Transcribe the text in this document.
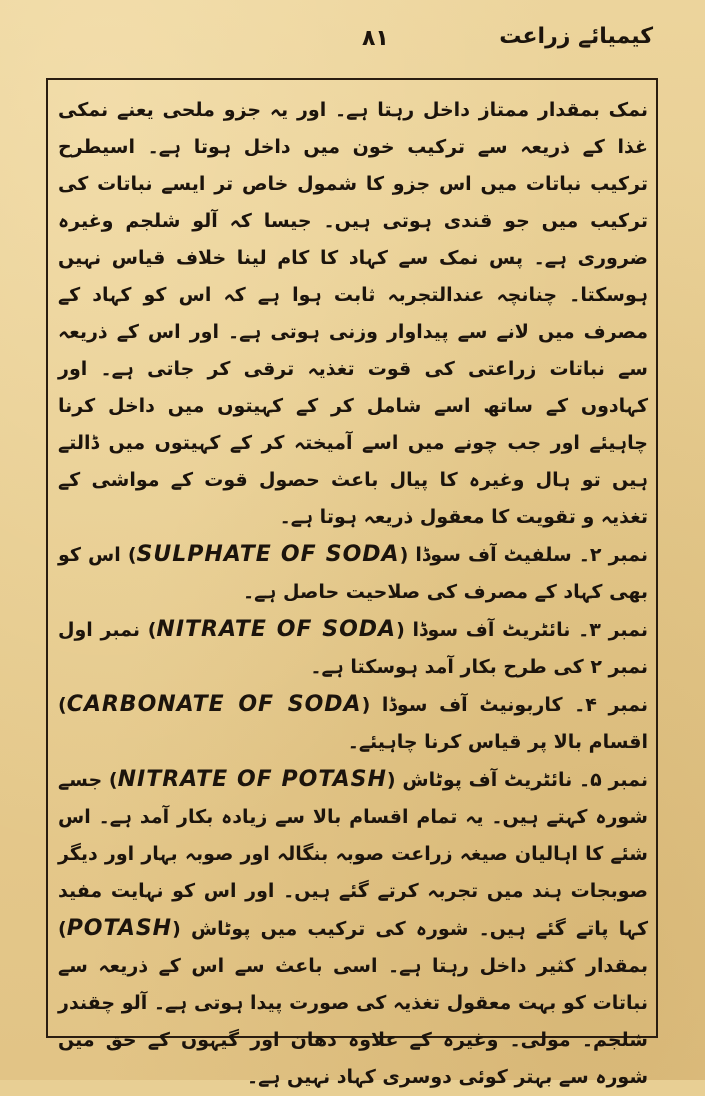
٨١	کیمیائے زراعت

نمک بمقدار ممتاز داخل رہتا ہے۔ اور یہ جزو ملحی یعنے نمکی غذا کے ذریعہ سے ترکیب خون میں داخل ہوتا ہے۔ اسیطرح ترکیب نباتات میں اس جزو کا شمول خاص تر ایسے نباتات کی ترکیب میں جو قندی ہوتی ہیں۔ جیسا کہ آلو شلجم وغیرہ ضروری ہے۔ پس نمک سے کہاد کا کام لینا خلاف قیاس نہیں ہوسکتا۔ چنانچہ عندالتجربہ ثابت ہوا ہے کہ اس کو کہاد کے مصرف میں لانے سے پیداوار وزنی ہوتی ہے۔ اور اس کے ذریعہ سے نباتات زراعتی کی قوت تغذیہ ترقی کر جاتی ہے۔ اور کہادوں کے ساتھ اسے شامل کر کے کہیتوں میں داخل کرنا چاہیئے اور جب چونے میں اسے آمیختہ کر کے کہیتوں میں ڈالتے ہیں تو ہال وغیرہ کا پیال باعث حصول قوت کے مواشی کے تغذیہ و تقویت کا معقول ذریعہ ہوتا ہے۔

نمبر ۲۔ سلفیٹ آف سوڈا (SULPHATE OF SODA) اس کو بھی کہاد کے مصرف کی صلاحیت حاصل ہے۔

نمبر ۳۔ نائٹریٹ آف سوڈا (NITRATE OF SODA) نمبر اول نمبر ۲ کی طرح بکار آمد ہوسکتا ہے۔

نمبر ۴۔ کاربونیٹ آف سوڈا (CARBONATE OF SODA) اقسام بالا پر قیاس کرنا چاہیئے۔

نمبر ۵۔ نائٹریٹ آف پوٹاش (NITRATE OF POTASH) جسے شورہ کہتے ہیں۔ یہ تمام اقسام بالا سے زیادہ بکار آمد ہے۔ اس شئے کا اہالیان صیغہ زراعت صوبہ بنگالہ اور صوبہ بہار اور دیگر صوبجات ہند میں تجربہ کرتے گئے ہیں۔ اور اس کو نہایت مفید کہا پاتے گئے ہیں۔ شورہ کی ترکیب میں پوٹاش (POTASH) بمقدار کثیر داخل رہتا ہے۔ اسی باعث سے اس کے ذریعہ سے نباتات کو بہت معقول تغذیہ کی صورت پیدا ہوتی ہے۔ آلو چقندر شلجم۔ مولی۔ وغیرہ کے علاوہ دھان اور گیہوں کے حق میں شورہ سے بہتر کوئی دوسری کہاد نہیں ہے۔
